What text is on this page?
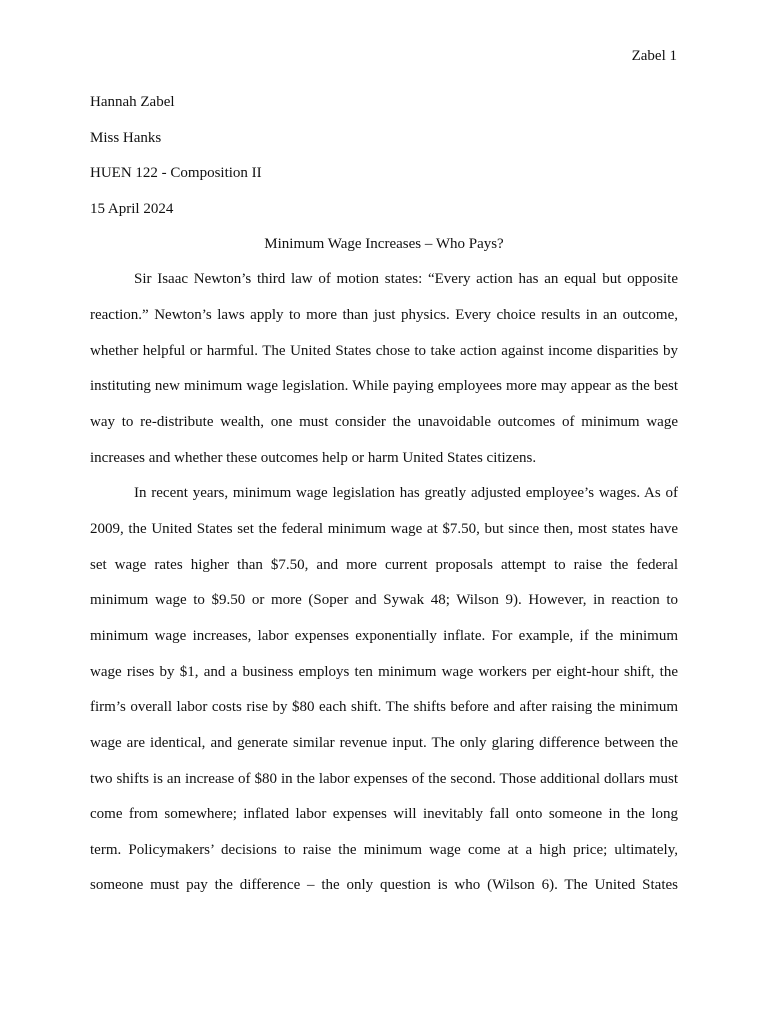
Zabel 1
Hannah Zabel
Miss Hanks
HUEN 122 - Composition II
15 April 2024
Minimum Wage Increases – Who Pays?
Sir Isaac Newton’s third law of motion states: “Every action has an equal but opposite
reaction.” Newton’s laws apply to more than just physics. Every choice results in an outcome,
whether helpful or harmful. The United States chose to take action against income disparities by
instituting new minimum wage legislation. While paying employees more may appear as the best
way to re-distribute wealth, one must consider the unavoidable outcomes of minimum wage
increases and whether these outcomes help or harm United States citizens.
In recent years, minimum wage legislation has greatly adjusted employee’s wages. As of
2009, the United States set the federal minimum wage at $7.50, but since then, most states have
set wage rates higher than $7.50, and more current proposals attempt to raise the federal
minimum wage to $9.50 or more (Soper and Sywak 48; Wilson 9). However, in reaction to
minimum wage increases, labor expenses exponentially inflate. For example, if the minimum
wage rises by $1, and a business employs ten minimum wage workers per eight-hour shift, the
firm’s overall labor costs rise by $80 each shift. The shifts before and after raising the minimum
wage are identical, and generate similar revenue input. The only glaring difference between the
two shifts is an increase of $80 in the labor expenses of the second. Those additional dollars must
come from somewhere; inflated labor expenses will inevitably fall onto someone in the long
term. Policymakers’ decisions to raise the minimum wage come at a high price; ultimately,
someone must pay the difference – the only question is who (Wilson 6). The United States
